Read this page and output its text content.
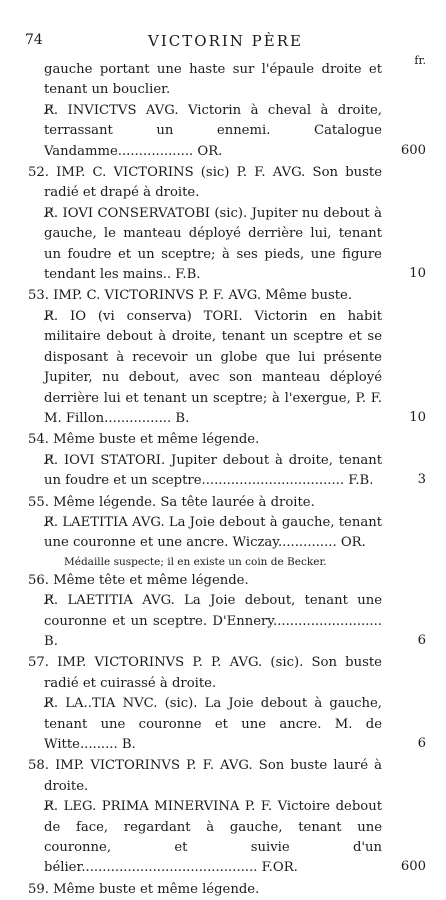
74	VICTORIN PÈRE
fr.
gauche portant une haste sur l'épaule droite et tenant un bouclier.
R̸. INVICTVS AVG. Victorin à cheval à droite, terrassant un ennemi. Catalogue Vandamme.................. OR.	600
52. IMP. C. VICTORINS (sic) P. F. AVG. Son buste radié et drapé à droite.
R̸. IOVI CONSERVATOBI (sic). Jupiter nu debout à gauche, le manteau déployé derrière lui, tenant un foudre et un sceptre; à ses pieds, une figure tendant les mains.. F.B.	10
53. IMP. C. VICTORINVS P. F. AVG. Même buste.
R̸. IO (vi conserva) TORI. Victorin en habit militaire debout à droite, tenant un sceptre et se disposant à recevoir un globe que lui présente Jupiter, nu debout, avec son manteau déployé derrière lui et tenant un sceptre; à l'exergue, P. F. M. Fillon................ B.	10
54. Même buste et même légende.
R̸. IOVI STATORI. Jupiter debout à droite, tenant un foudre et un sceptre.................................. F.B.	3
55. Même légende. Sa tête laurée à droite.
R̸. LAETITIA AVG. La Joie debout à gauche, tenant une couronne et une ancre. Wiczay.............. OR.
Médaille suspecte; il en existe un coin de Becker.
56. Même tête et même légende.
R̸. LAETITIA AVG. La Joie debout, tenant une couronne et un sceptre. D'Ennery.......................... B.	6
57. IMP. VICTORINVS P. P. AVG. (sic). Son buste radié et cuirassé à droite.
R̸. LA..TIA NVC. (sic). La Joie debout à gauche, tenant une couronne et une ancre. M. de Witte......... B.	6
58. IMP. VICTORINVS P. F. AVG. Son buste lauré à droite.
R̸. LEG. PRIMA MINERVINA P. F. Victoire debout de face, regardant à gauche, tenant une couronne, et suivie d'un bélier.......................................... F.OR.	600
59. Même buste et même légende.
